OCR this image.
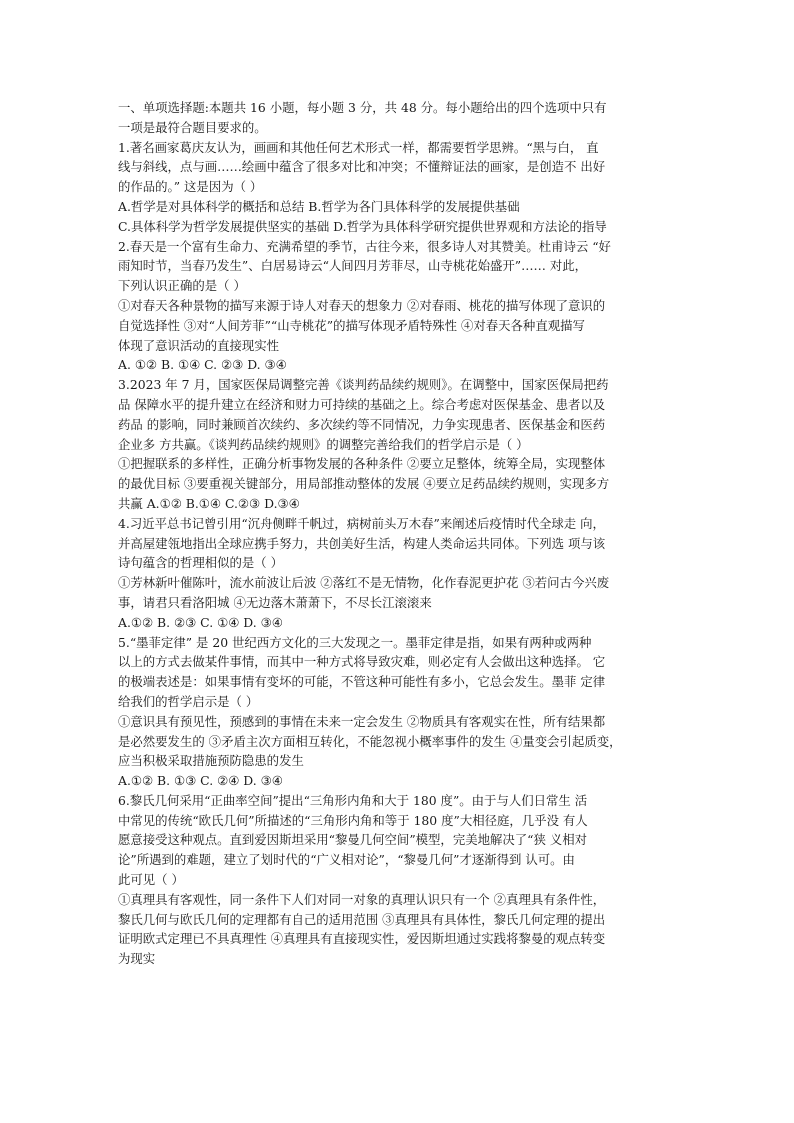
一、单项选择题:本题共 16 小题，每小题 3 分，共 48 分。每小题给出的四个选项中只有
一项是最符合题目要求的。
1.著名画家葛庆友认为，画画和其他任何艺术形式一样，都需要哲学思辨。“黑与白， 直
线与斜线，点与画……绘画中蕴含了很多对比和冲突；不懂辩证法的画家，是创造不 出好
的作品的。” 这是因为（ ）
A.哲学是对具体科学的概括和总结 B.哲学为各门具体科学的发展提供基础
C.具体科学为哲学发展提供坚实的基础 D.哲学为具体科学研究提供世界观和方法论的指导
2.春天是一个富有生命力、充满希望的季节，古往今来，很多诗人对其赞美。杜甫诗云 “好
雨知时节，当春乃发生”、白居易诗云“人间四月芳菲尽，山寺桃花始盛开”…… 对此，
下列认识正确的是（ ）
①对春天各种景物的描写来源于诗人对春天的想象力 ②对春雨、桃花的描写体现了意识的
自觉选择性 ③对“人间芳菲”“山寺桃花”的描写体现矛盾特殊性 ④对春天各种直观描写
体现了意识活动的直接现实性
A. ①② B. ①④ C. ②③ D. ③④
3.2023 年 7 月，国家医保局调整完善《谈判药品续约规则》。在调整中，国家医保局把药
品 保障水平的提升建立在经济和财力可持续的基础之上。综合考虑对医保基金、患者以及
药品 的影响，同时兼顾首次续约、多次续约等不同情况，力争实现患者、医保基金和医药
企业多 方共赢。《谈判药品续约规则》的调整完善给我们的哲学启示是（ ）
①把握联系的多样性，正确分析事物发展的各种条件 ②要立足整体，统筹全局，实现整体
的最优目标 ③要重视关键部分，用局部推动整体的发展 ④要立足药品续约规则，实现多方
共赢 A.①② B.①④ C.②③ D.③④
4.习近平总书记曾引用“沉舟侧畔千帆过，病树前头万木春”来阐述后疫情时代全球走 向，
并高屋建瓴地指出全球应携手努力，共创美好生活，构建人类命运共同体。下列选 项与该
诗句蕴含的哲理相似的是（ ）
①芳林新叶催陈叶，流水前波让后波 ②落红不是无情物，化作春泥更护花 ③若问古今兴废
事，请君只看洛阳城 ④无边落木萧萧下，不尽长江滚滚来
A.①② B. ②③ C. ①④ D. ③④
5.“墨菲定律” 是 20 世纪西方文化的三大发现之一。墨菲定律是指，如果有两种或两种
以上的方式去做某件事情，而其中一种方式将导致灾难，则必定有人会做出这种选择。 它
的极端表述是：如果事情有变坏的可能，不管这种可能性有多小，它总会发生。墨菲 定律
给我们的哲学启示是（ ）
①意识具有预见性，预感到的事情在未来一定会发生 ②物质具有客观实在性，所有结果都
是必然要发生的 ③矛盾主次方面相互转化，不能忽视小概率事件的发生 ④量变会引起质变，
应当积极采取措施预防隐患的发生
A.①② B. ①③ C. ②④ D. ③④
6.黎氏几何采用“正曲率空间”提出“三角形内角和大于 180 度”。由于与人们日常生 活
中常见的传统“欧氏几何”所描述的“三角形内角和等于 180 度”大相径庭，几乎没 有人
愿意接受这种观点。直到爱因斯坦采用“黎曼几何空间”模型，完美地解决了“狭 义相对
论”所遇到的难题，建立了划时代的“广义相对论”，“黎曼几何”才逐渐得到 认可。由
此可见（ ）
①真理具有客观性，同一条件下人们对同一对象的真理认识只有一个 ②真理具有条件性，
黎氏几何与欧氏几何的定理都有自己的适用范围 ③真理具有具体性，黎氏几何定理的提出
证明欧式定理已不具真理性 ④真理具有直接现实性，爱因斯坦通过实践将黎曼的观点转变
为现实
